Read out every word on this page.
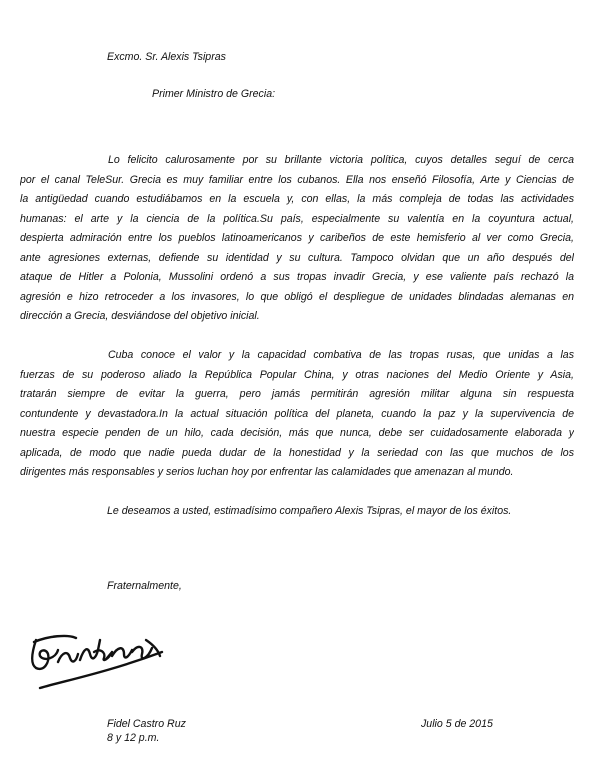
Excmo. Sr. Alexis Tsipras
Primer Ministro de Grecia:
Lo felicito calurosamente por su brillante victoria política, cuyos detalles seguí de cerca
por el canal TeleSur. Grecia es muy familiar entre los cubanos. Ella nos enseñó Filosofía, Arte y Ciencias de
la antigüedad cuando estudiábamos en la escuela y, con ellas, la más compleja de todas las actividades
humanas: el arte y la ciencia de la política.Su país, especialmente su valentía en la coyuntura actual,
despierta admiración entre los pueblos latinoamericanos y caribeños de este hemisferio al ver como Grecia,
ante agresiones externas, defiende su identidad y su cultura. Tampoco olvidan que un año después del
ataque de Hitler a Polonia, Mussolini ordenó a sus tropas invadir Grecia, y ese valiente país rechazó la
agresión e hizo retroceder a los invasores, lo que obligó el despliegue de unidades blindadas alemanas en
dirección a Grecia, desviándose del objetivo inicial.
Cuba conoce el valor y la capacidad combativa de las tropas rusas, que unidas a las
fuerzas de su poderoso aliado la República Popular China, y otras naciones del Medio Oriente y Asia,
tratarán siempre de evitar la guerra, pero jamás permitirán agresión militar alguna sin respuesta
contundente y devastadora.In la actual situación política del planeta, cuando la paz y la supervivencia de
nuestra especie penden de un hilo, cada decisión, más que nunca, debe ser cuidadosamente elaborada y
aplicada, de modo que nadie pueda dudar de la honestidad y la seriedad con las que muchos de los
dirigentes más responsables y serios luchan hoy por enfrentar las calamidades que amenazan al mundo.
Le deseamos a usted, estimadísimo compañero Alexis Tsipras, el mayor de los éxitos.
Fraternalmente,
Fidel Castro Ruz
8 y 12 p.m.
Julio 5 de 2015
